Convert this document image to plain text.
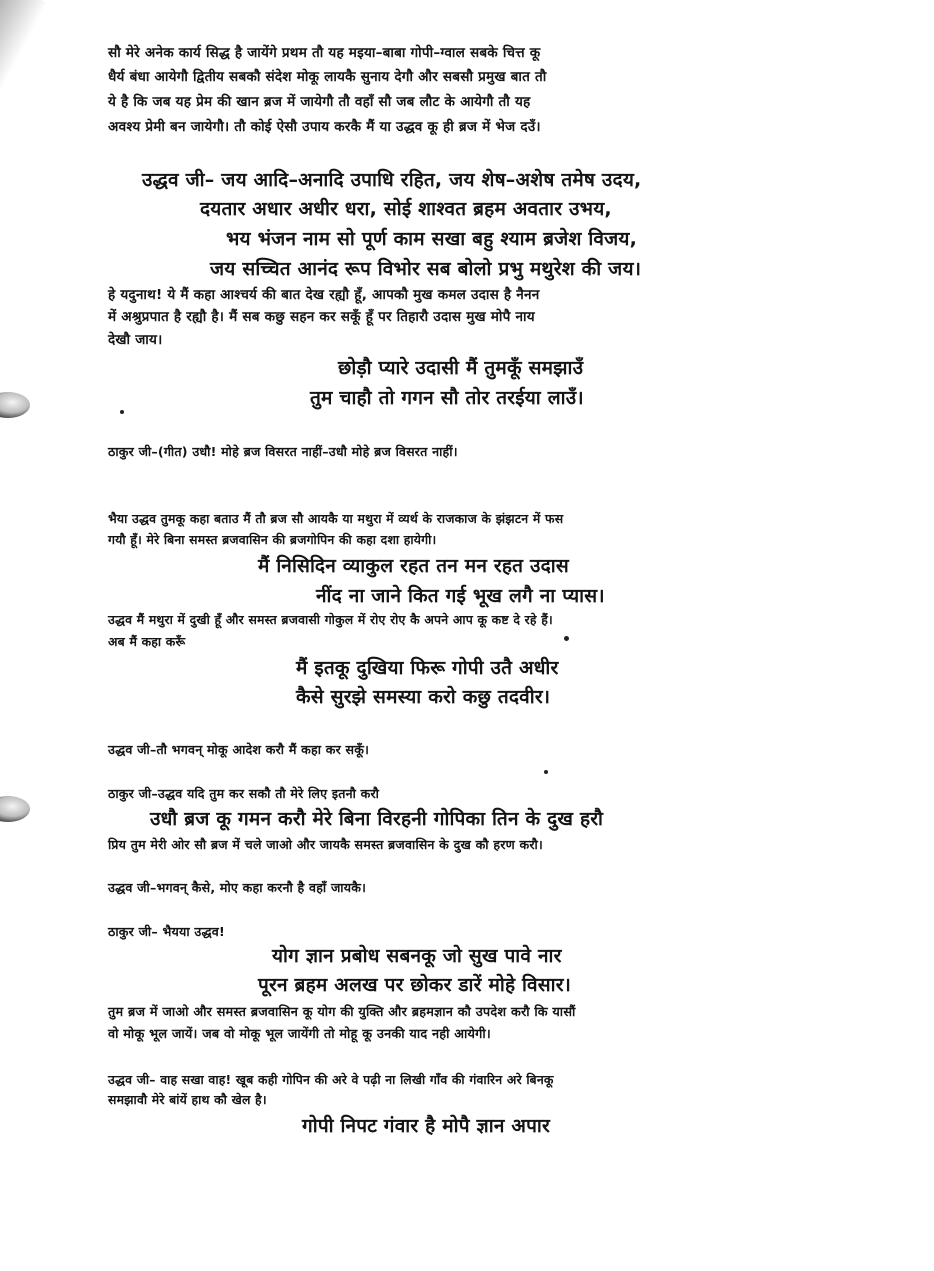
सौ मेरे अनेक कार्य सिद्ध है जायेंगे प्रथम तौ यह मइया–बाबा गोपी–ग्वाल सबके चित्त कू
धैर्य बंधा आयेगौ द्वितीय सबकौ संदेश मोकू लायकै सुनाय देगौ और सबसौ प्रमुख बात तौ
ये है कि जब यह प्रेम की खान ब्रज में जायेगौ तौ वहाँ सौ जब लौट के आयेगौ तौ यह
अवश्य प्रेमी बन जायेगौ। तौ कोई ऐसौ उपाय करकै मैं या उद्धव कू ही ब्रज में भेज दउँ।
उद्धव जी– जय आदि–अनादि उपाधि रहित, जय शेष–अशेष तमेष उदय,
दयतार अधार अधीर धरा, सोई शाश्वत ब्रहम अवतार उभय,
भय भंजन नाम सो पूर्ण काम सखा बहु श्याम ब्रजेश विजय,
जय सच्चित आनंद रूप विभोर सब बोलो प्रभु मथुरेश की जय।
हे यदुनाथ! ये मैं कहा आश्चर्य की बात देख रह्यौ हूँ, आपकौ मुख कमल उदास है नैनन
में अश्रुप्रपात है रह्यौ है। मैं सब कछु सहन कर सकूँ हूँ पर तिहारौ उदास मुख मोपै नाय
देखौ जाय।
छोड़ौ प्यारे उदासी मैं तुमकूँ समझाउँ
तुम चाहौ तो गगन सौ तोर तरईया लाउँ।
ठाकुर जी–(गीत) उधौ! मोहे ब्रज विसरत नाहीं–उधौ मोहे ब्रज विसरत नाहीं।
भैया उद्धव तुमकू कहा बताउ मैं तौ ब्रज सौ आयकै या मथुरा में व्यर्थ के राजकाज के झंझटन में फस
गयौ हूँ। मेरे बिना समस्त ब्रजवासिन की ब्रजगोपिन की कहा दशा हायेगी।
मैं निसिदिन व्याकुल रहत तन मन रहत उदास
नींद ना जाने कित गई भूख लगै ना प्यास।
उद्धव मैं मथुरा में दुखी हूँ और समस्त ब्रजवासी गोकुल में रोए रोए कै अपने आप कू कष्ट दे रहे हैं।
अब मैं कहा करूँ
मैं इतकू दुखिया फिरू गोपी उतै अधीर
कैसे सुरझे समस्या करो कछु तदवीर।
उद्धव जी–तौ भगवन् मोकू आदेश करौ मैं कहा कर सकूँ।
ठाकुर जी–उद्धव यदि तुम कर सकौ तौ मेरे लिए इतनौ करौ
उधौ ब्रज कू गमन करौ मेरे बिना विरहनी गोपिका तिन के दुख हरौ
प्रिय तुम मेरी ओर सौ ब्रज में चले जाओ और जायकै समस्त ब्रजवासिन के दुख कौ हरण करौ।
उद्धव जी–भगवन् कैसे, मोए कहा करनौ है वहाँ जायकै।
ठाकुर जी– भैयया उद्धव!
योग ज्ञान प्रबोध सबनकू जो सुख पावे नार
पूरन ब्रहम अलख पर छोकर डारें मोहे विसार।
तुम ब्रज में जाओ और समस्त ब्रजवासिन कू योग की युक्ति और ब्रहमज्ञान कौ उपदेश करौ कि यासौं
वो मोकू भूल जायें। जब वो मोकू भूल जायेंगी तो मोहू कू उनकी याद नही आयेगी।
उद्धव जी– वाह सखा वाह! खूब कही गोपिन की अरे वे पढ़ी ना लिखी गाँव की गंवारिन अरे बिनकू
समझावौ मेरे बांयें हाथ कौ खेल है।
गोपी निपट गंवार है मोपै ज्ञान अपार
